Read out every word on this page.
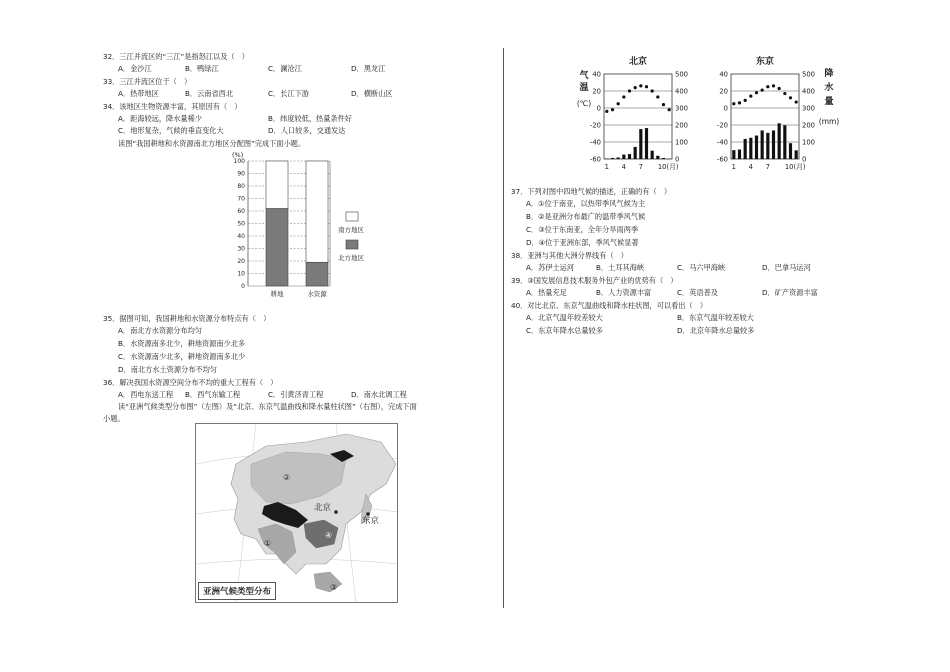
32．三江并流区的“三江”是指怒江以及（　）
A．金沙江	B．鸭绿江	C．澜沧江	D．黑龙江
33．三江并流区位于（　）
A．热带地区	B．云南省西北	C．长江下游	D．横断山区
34．该地区生物资源丰富，其原因有（　）
A．距海较远，降水量稀少	B．纬度较低，热量条件好
C．地形复杂，气候的垂直变化大	D．人口较多，交通发达
读图“我国耕地和水资源南北方地区分配图”完成下面小题。
(%)
0
10
20
30
40
50
60
70
80
90
100
耕地	水资源
南方地区
北方地区
35．据图可知，我国耕地和水资源分布特点有（　）
A．南北方水资源分布均匀
B．水资源南多北少，耕地资源南少北多
C．水资源南少北多，耕地资源南多北少
D．南北方水土资源分布不均匀
36．解决我国水资源空间分布不均的重大工程有（　）
A．西电东送工程 B．西气东输工程	C．引黄济青工程	D．南水北调工程
读“亚洲气候类型分布图”（左图）及“北京、东京气温曲线和降水量柱状图”（右图），完成下面
小题。
②
①
④
③
北京
东京
亚洲气候类型分布
北京
40
20
0
-20
-40
-60
500
400
300
200
100
0
1 4 7 10(月)
气
温
(℃)
东京
40
20
0
-20
-40
-60
500
400
300
200
100
0
1 4 7 10(月)
降
水
量
(mm)
37．下列对图中四地气候的描述，正确的有（　）
A．①位于南亚，以热带季风气候为主
B．②是亚洲分布最广的温带季风气候
C．③位于东南亚，全年分旱雨两季
D．④位于亚洲东部，季风气候显著
38．亚洲与其他大洲分界线有（　）
A．苏伊士运河	B．土耳其海峡	C．马六甲海峡	D．巴拿马运河
39．③国发展信息技术服务外包产业的优势有（　）
A．热量充足	B．人力资源丰富	C．英语普及	D．矿产资源丰富
40．对比北京、东京气温曲线和降水柱状图，可以看出（　）
A．北京气温年较差较大	B．东京气温年较差较大
C．东京年降水总量较多	D．北京年降水总量较多
